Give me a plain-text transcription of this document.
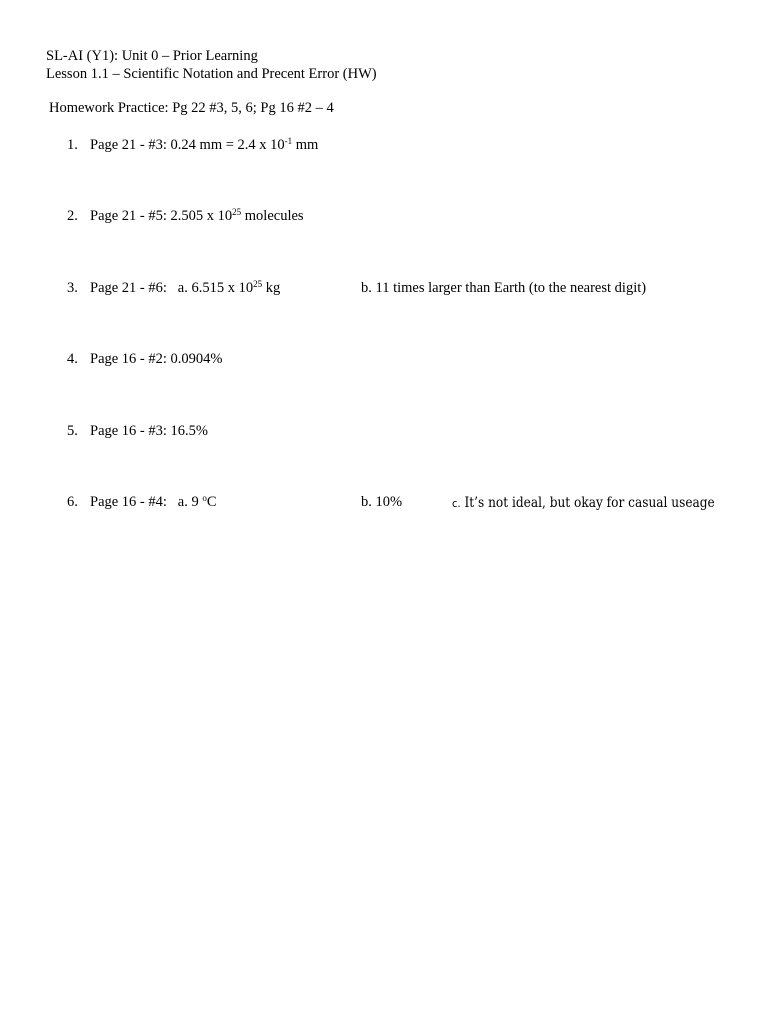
SL-AI (Y1): Unit 0 – Prior Learning
Lesson 1.1 – Scientific Notation and Precent Error (HW)
Homework Practice: Pg 22 #3, 5, 6; Pg 16 #2 – 4
1. Page 21 - #3: 0.24 mm = 2.4 x $10^{-1}$ mm
2. Page 21 - #5: 2.505 x $10^{25}$ molecules
3. Page 21 - #6:   a. 6.515 x $10^{25}$ kg	b. 11 times larger than Earth (to the nearest digit)
4. Page 16 - #2: 0.0904%
5. Page 16 - #3: 16.5%
6. Page 16 - #4:   a. 9 $^o$C	b. 10%	c. It’s not ideal, but okay for casual useage
